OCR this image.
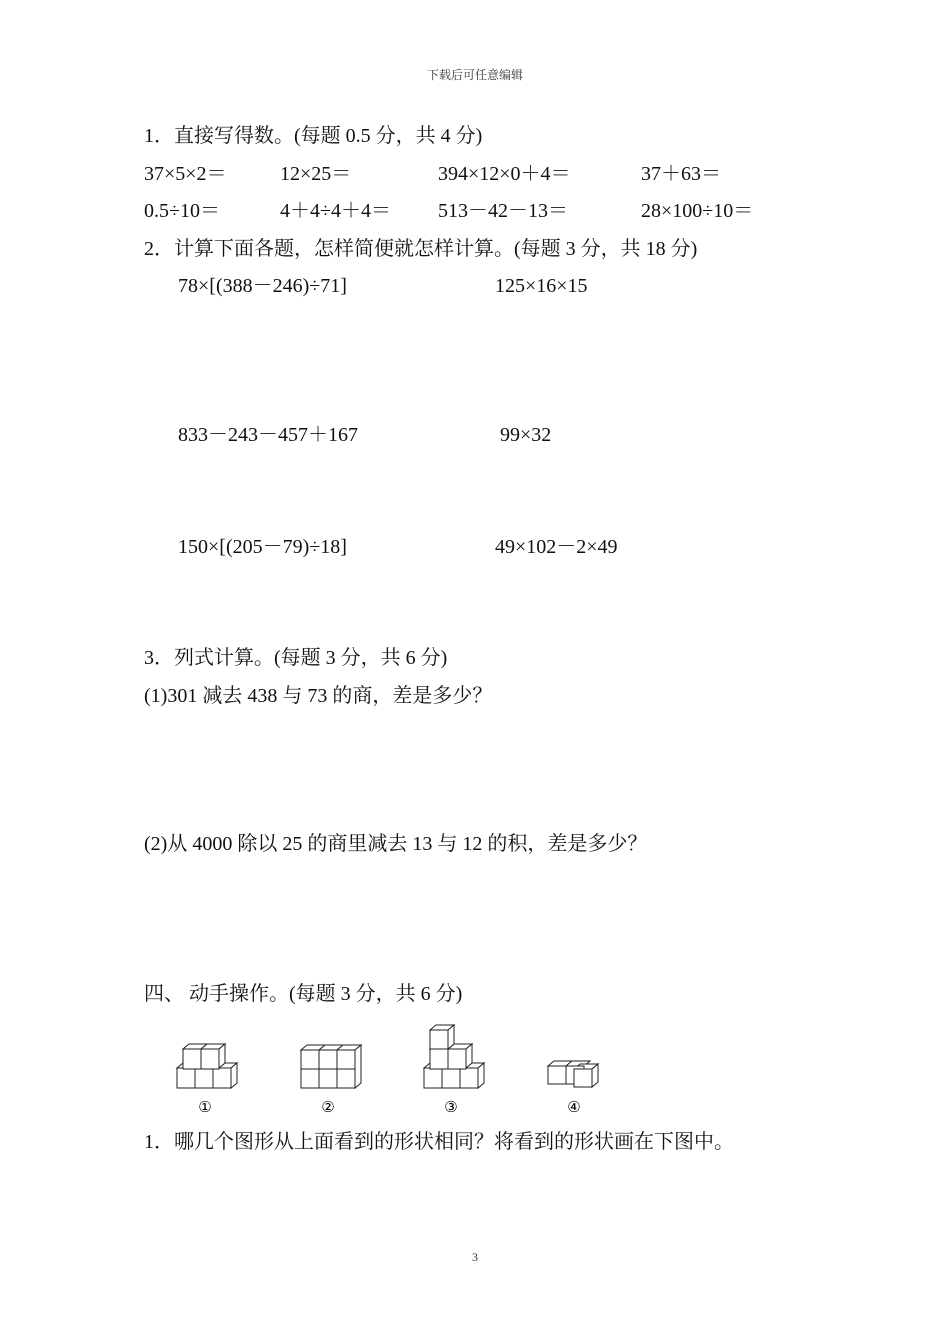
下载后可任意编辑
1．直接写得数。(每题 0.5 分，共 4 分)
37×5×2＝	12×25＝	394×12×0＋4＝	37＋63＝
0.5÷10＝	4＋4÷4＋4＝ 513－42－13＝	28×100÷10＝
2．计算下面各题，怎样简便就怎样计算。(每题 3 分，共 18 分)
78×[(388－246)÷71]	125×16×15
833－243－457＋167	99×32
150×[(205－79)÷18]	49×102－2×49
3．列式计算。(每题 3 分，共 6 分)
(1)301 减去 438 与 73 的商，差是多少？
(2)从 4000 除以 25 的商里减去 13 与 12 的积，差是多少？
四、 动手操作。(每题 3 分，共 6 分)
①	②	③	④
1．哪几个图形从上面看到的形状相同？将看到的形状画在下图中。
3
